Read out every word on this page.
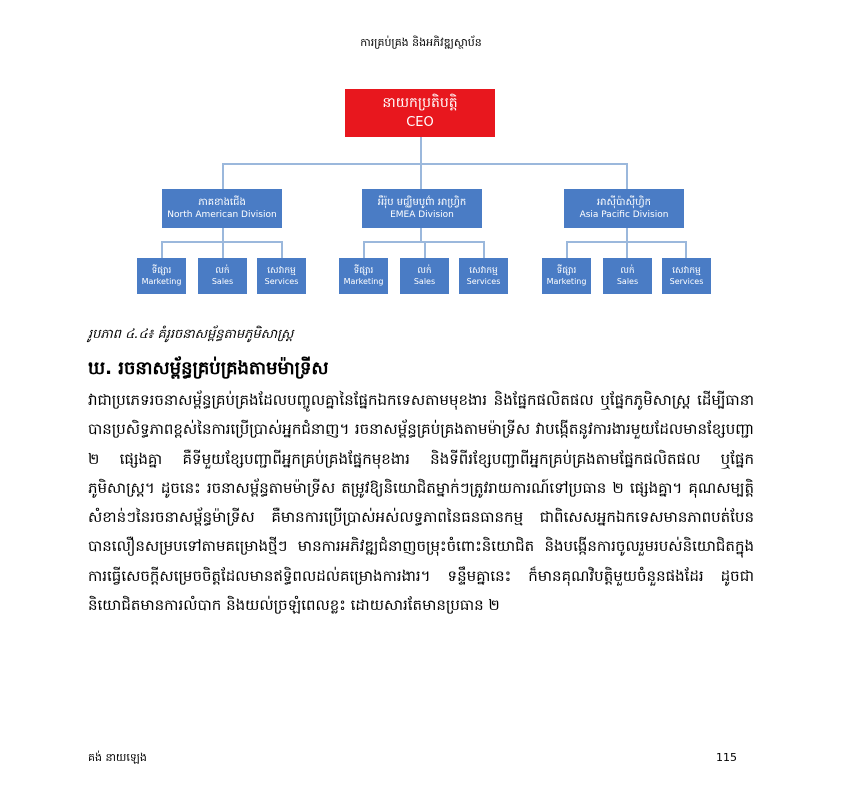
ការគ្រប់គ្រង និងអភិវឌ្ឍស្ថាប័ន
នាយកប្រតិបត្តិ
CEO
ភាគខាងជើង
North American Division
អឺរ៉ុប មជ្ឈិមបូព៌ា អាហ្វ្រិក
EMEA Division
អាស៊ីប៉ាស៊ីហ្វិក
Asia Pacific Division
ទីផ្សារ
Marketing
លក់
Sales
សេវាកម្ម
Services
ទីផ្សារ
Marketing
លក់
Sales
សេវាកម្ម
Services
ទីផ្សារ
Marketing
លក់
Sales
សេវាកម្ម
Services
រូបភាព ៤.៤៖ គំរូរចនាសម្ព័ន្ធតាមភូមិសាស្ត្រ
ឃ. រចនាសម្ព័ន្ធគ្រប់គ្រងតាមម៉ាទ្រីស

វាជាប្រភេទរចនាសម្ព័ន្ធគ្រប់គ្រងដែលបញ្ចូលគ្នានៃផ្នែកឯកទេសតាមមុខងារ និងផ្នែកផលិតផល ឬផ្នែកភូមិសាស្ត្រ ដើម្បីធានាបានប្រសិទ្ធភាពខ្ពស់នៃការប្រើប្រាស់អ្នកជំនាញ។ រចនាសម្ព័ន្ធគ្រប់គ្រងតាមម៉ាទ្រីស វាបង្កើតនូវការងារមួយដែលមានខ្សែបញ្ជា ២ ផ្សេងគ្នា គឺទីមួយខ្សែបញ្ជាពីអ្នកគ្រប់គ្រងផ្នែកមុខងារ និងទីពីរខ្សែបញ្ជាពីអ្នកគ្រប់គ្រងតាមផ្នែកផលិតផល ឬផ្នែកភូមិសាស្ត្រ។ ដូចនេះ រចនាសម្ព័ន្ធតាមម៉ាទ្រីស តម្រូវឱ្យនិយោជិតម្នាក់ៗត្រូវរាយការណ៍ទៅប្រធាន ២ ផ្សេងគ្នា។ គុណសម្បត្តិសំខាន់ៗនៃរចនាសម្ព័ន្ធម៉ាទ្រីស គឺមានការប្រើប្រាស់អស់លទ្ធភាពនៃធនធានកម្ម ជាពិសេសអ្នកឯកទេសមានភាពបត់បែនបានលឿនសម្របទៅតាមគម្រោងថ្មីៗ មានការអភិវឌ្ឍជំនាញចម្រុះចំពោះនិយោជិត និងបង្កើនការចូលរួមរបស់និយោជិតក្នុងការធ្វើសេចក្តីសម្រេចចិត្តដែលមានឥទ្ធិពលដល់គម្រោងការងារ។ ទន្ទឹមគ្នានេះ ក៏មានគុណវិបត្តិមួយចំនួនផងដែរ ដូចជានិយោជិតមានការលំបាក និងយល់ច្រឡំពេលខ្លះ ដោយសារតែមានប្រធាន ២

គង់ នាយឡេង	115
